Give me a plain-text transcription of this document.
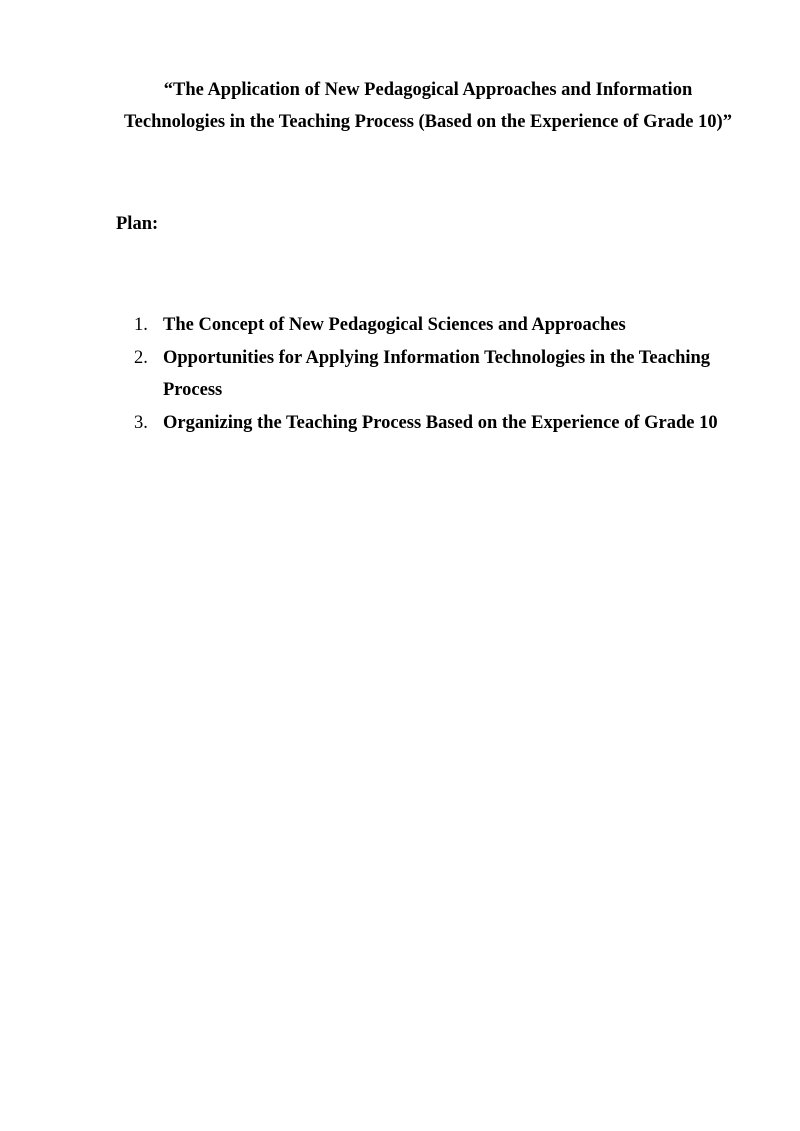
“The Application of New Pedagogical Approaches and Information
Technologies in the Teaching Process (Based on the Experience of Grade 10)”
Plan:
1. The Concept of New Pedagogical Sciences and Approaches
2. Opportunities for Applying Information Technologies in the Teaching Process
3. Organizing the Teaching Process Based on the Experience of Grade 10
